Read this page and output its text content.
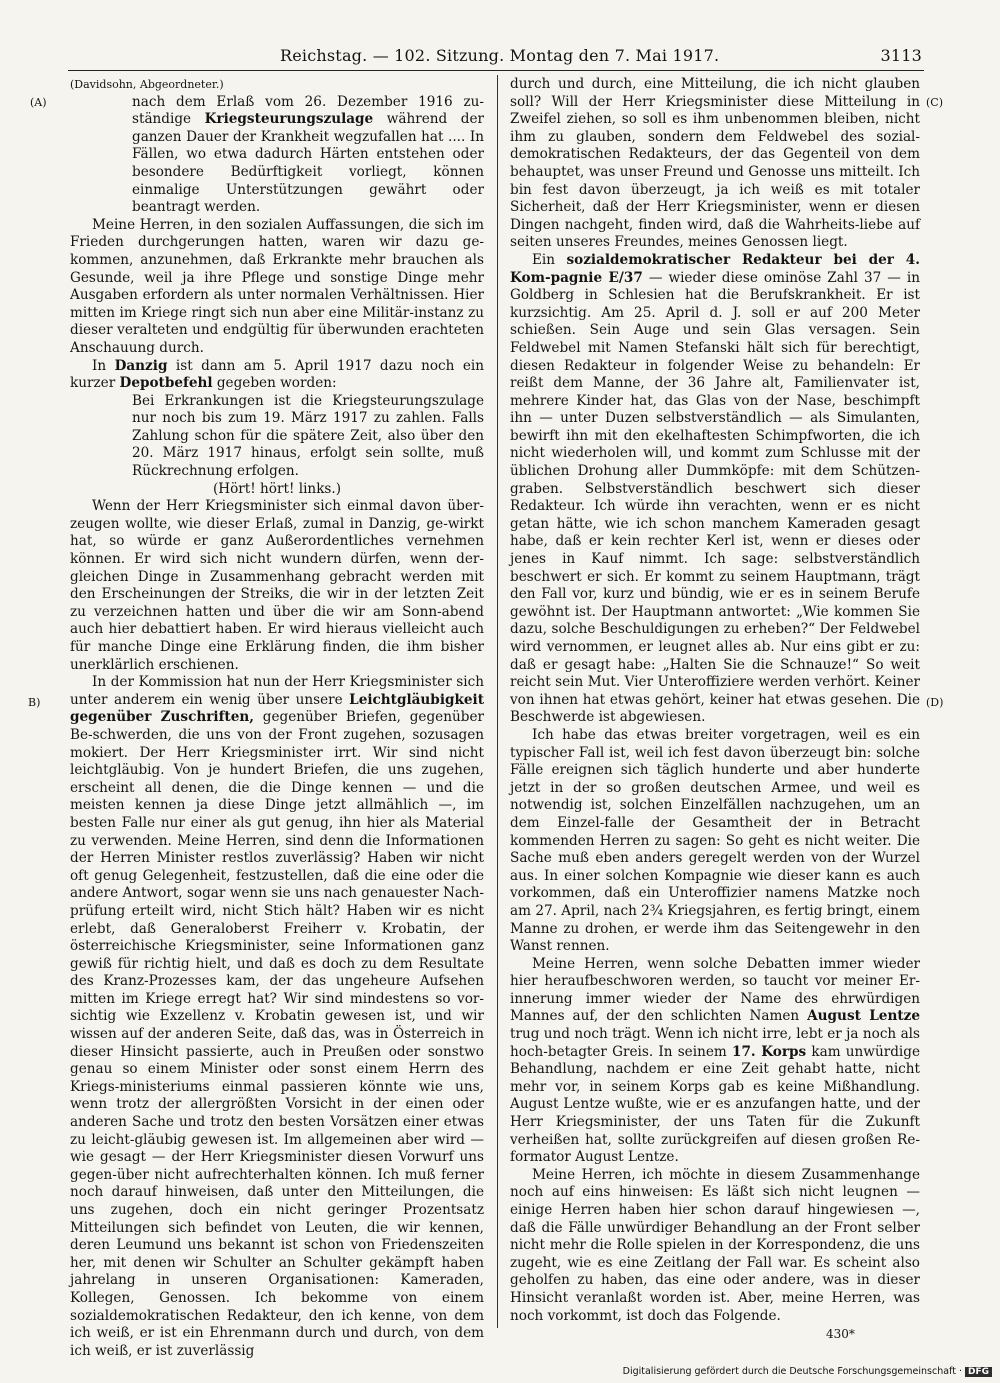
Reichstag. — 102. Sitzung. Montag den 7. Mai 1917.	3113
(A)
B)
(C)
(D)

(Davidsohn, Abgeordneter.)

nach dem Erlaß vom 26. Dezember 1916 zu-ständige Kriegsteurungszulage während der ganzen Dauer der Krankheit wegzufallen hat .... In Fällen, wo etwa dadurch Härten entstehen oder besondere Bedürftigkeit vorliegt, können einmalige Unterstützungen gewährt oder beantragt werden.

Meine Herren, in den sozialen Auffassungen, die sich im Frieden durchgerungen hatten, waren wir dazu ge-kommen, anzunehmen, daß Erkrankte mehr brauchen als Gesunde, weil ja ihre Pflege und sonstige Dinge mehr Ausgaben erfordern als unter normalen Verhältnissen. Hier mitten im Kriege ringt sich nun aber eine Militär-instanz zu dieser veralteten und endgültig für überwunden erachteten Anschauung durch.

In Danzig ist dann am 5. April 1917 dazu noch ein kurzer Depotbefehl gegeben worden:

Bei Erkrankungen ist die Kriegsteurungszulage nur noch bis zum 19. März 1917 zu zahlen. Falls Zahlung schon für die spätere Zeit, also über den 20. März 1917 hinaus, erfolgt sein sollte, muß Rückrechnung erfolgen.

(Hört! hört! links.)

Wenn der Herr Kriegsminister sich einmal davon über-zeugen wollte, wie dieser Erlaß, zumal in Danzig, ge-wirkt hat, so würde er ganz Außerordentliches vernehmen können. Er wird sich nicht wundern dürfen, wenn der-gleichen Dinge in Zusammenhang gebracht werden mit den Erscheinungen der Streiks, die wir in der letzten Zeit zu verzeichnen hatten und über die wir am Sonn-abend auch hier debattiert haben. Er wird hieraus vielleicht auch für manche Dinge eine Erklärung finden, die ihm bisher unerklärlich erschienen.

In der Kommission hat nun der Herr Kriegsminister sich unter anderem ein wenig über unsere Leichtgläubigkeit gegenüber Zuschriften, gegenüber Briefen, gegenüber Be-schwerden, die uns von der Front zugehen, sozusagen mokiert. Der Herr Kriegsminister irrt. Wir sind nicht leichtgläubig. Von je hundert Briefen, die uns zugehen, erscheint all denen, die die Dinge kennen — und die meisten kennen ja diese Dinge jetzt allmählich —, im besten Falle nur einer als gut genug, ihn hier als Material zu verwenden. Meine Herren, sind denn die Informationen der Herren Minister restlos zuverlässig? Haben wir nicht oft genug Gelegenheit, festzustellen, daß die eine oder die andere Antwort, sogar wenn sie uns nach genauester Nach-prüfung erteilt wird, nicht Stich hält? Haben wir es nicht erlebt, daß Generaloberst Freiherr v. Krobatin, der österreichische Kriegsminister, seine Informationen ganz gewiß für richtig hielt, und daß es doch zu dem Resultate des Kranz-Prozesses kam, der das ungeheure Aufsehen mitten im Kriege erregt hat? Wir sind mindestens so vor-sichtig wie Exzellenz v. Krobatin gewesen ist, und wir wissen auf der anderen Seite, daß das, was in Österreich in dieser Hinsicht passierte, auch in Preußen oder sonstwo genau so einem Minister oder sonst einem Herrn des Kriegs-ministeriums einmal passieren könnte wie uns, wenn trotz der allergrößten Vorsicht in der einen oder anderen Sache und trotz den besten Vorsätzen einer etwas zu leicht-gläubig gewesen ist. Im allgemeinen aber wird — wie gesagt — der Herr Kriegsminister diesen Vorwurf uns gegen-über nicht aufrechterhalten können. Ich muß ferner noch darauf hinweisen, daß unter den Mitteilungen, die uns zugehen, doch ein nicht geringer Prozentsatz Mitteilungen sich befindet von Leuten, die wir kennen, deren Leumund uns bekannt ist schon von Friedenszeiten her, mit denen wir Schulter an Schulter gekämpft haben jahrelang in unseren Organisationen: Kameraden, Kollegen, Genossen. Ich bekomme von einem sozialdemokratischen Redakteur, den ich kenne, von dem ich weiß, er ist ein Ehrenmann durch und durch, von dem ich weiß, er ist zuverlässig

durch und durch, eine Mitteilung, die ich nicht glauben soll? Will der Herr Kriegsminister diese Mitteilung in Zweifel ziehen, so soll es ihm unbenommen bleiben, nicht ihm zu glauben, sondern dem Feldwebel des sozial-demokratischen Redakteurs, der das Gegenteil von dem behauptet, was unser Freund und Genosse uns mitteilt. Ich bin fest davon überzeugt, ja ich weiß es mit totaler Sicherheit, daß der Herr Kriegsminister, wenn er diesen Dingen nachgeht, finden wird, daß die Wahrheits-liebe auf seiten unseres Freundes, meines Genossen liegt.

Ein sozialdemokratischer Redakteur bei der 4. Kom-pagnie E/37 — wieder diese ominöse Zahl 37 — in Goldberg in Schlesien hat die Berufskrankheit. Er ist kurzsichtig. Am 25. April d. J. soll er auf 200 Meter schießen. Sein Auge und sein Glas versagen. Sein Feldwebel mit Namen Stefanski hält sich für berechtigt, diesen Redakteur in folgender Weise zu behandeln: Er reißt dem Manne, der 36 Jahre alt, Familienvater ist, mehrere Kinder hat, das Glas von der Nase, beschimpft ihn — unter Duzen selbstverständlich — als Simulanten, bewirft ihn mit den ekelhaftesten Schimpfworten, die ich nicht wiederholen will, und kommt zum Schlusse mit der üblichen Drohung aller Dummköpfe: mit dem Schützen-graben. Selbstverständlich beschwert sich dieser Redakteur. Ich würde ihn verachten, wenn er es nicht getan hätte, wie ich schon manchem Kameraden gesagt habe, daß er kein rechter Kerl ist, wenn er dieses oder jenes in Kauf nimmt. Ich sage: selbstverständlich beschwert er sich. Er kommt zu seinem Hauptmann, trägt den Fall vor, kurz und bündig, wie er es in seinem Berufe gewöhnt ist. Der Hauptmann antwortet: „Wie kommen Sie dazu, solche Beschuldigungen zu erheben?“ Der Feldwebel wird vernommen, er leugnet alles ab. Nur eins gibt er zu: daß er gesagt habe: „Halten Sie die Schnauze!“ So weit reicht sein Mut. Vier Unteroffiziere werden verhört. Keiner von ihnen hat etwas gehört, keiner hat etwas gesehen. Die Beschwerde ist abgewiesen.

Ich habe das etwas breiter vorgetragen, weil es ein typischer Fall ist, weil ich fest davon überzeugt bin: solche Fälle ereignen sich täglich hunderte und aber hunderte jetzt in der so großen deutschen Armee, und weil es notwendig ist, solchen Einzelfällen nachzugehen, um an dem Einzel-falle der Gesamtheit der in Betracht kommenden Herren zu sagen: So geht es nicht weiter. Die Sache muß eben anders geregelt werden von der Wurzel aus. In einer solchen Kompagnie wie dieser kann es auch vorkommen, daß ein Unteroffizier namens Matzke noch am 27. April, nach 2¾ Kriegsjahren, es fertig bringt, einem Manne zu drohen, er werde ihm das Seitengewehr in den Wanst rennen.

Meine Herren, wenn solche Debatten immer wieder hier heraufbeschworen werden, so taucht vor meiner Er-innerung immer wieder der Name des ehrwürdigen Mannes auf, der den schlichten Namen August Lentze trug und noch trägt. Wenn ich nicht irre, lebt er ja noch als hoch-betagter Greis. In seinem 17. Korps kam unwürdige Behandlung, nachdem er eine Zeit gehabt hatte, nicht mehr vor, in seinem Korps gab es keine Mißhandlung. August Lentze wußte, wie er es anzufangen hatte, und der Herr Kriegsminister, der uns Taten für die Zukunft verheißen hat, sollte zurückgreifen auf diesen großen Re-formator August Lentze.

Meine Herren, ich möchte in diesem Zusammenhange noch auf eins hinweisen: Es läßt sich nicht leugnen — einige Herren haben hier schon darauf hingewiesen —, daß die Fälle unwürdiger Behandlung an der Front selber nicht mehr die Rolle spielen in der Korrespondenz, die uns zugeht, wie es eine Zeitlang der Fall war. Es scheint also geholfen zu haben, das eine oder andere, was in dieser Hinsicht veranlaßt worden ist. Aber, meine Herren, was noch vorkommt, ist doch das Folgende.

430*
Digitalisierung gefördert durch die Deutsche Forschungsgemeinschaft · DFG
